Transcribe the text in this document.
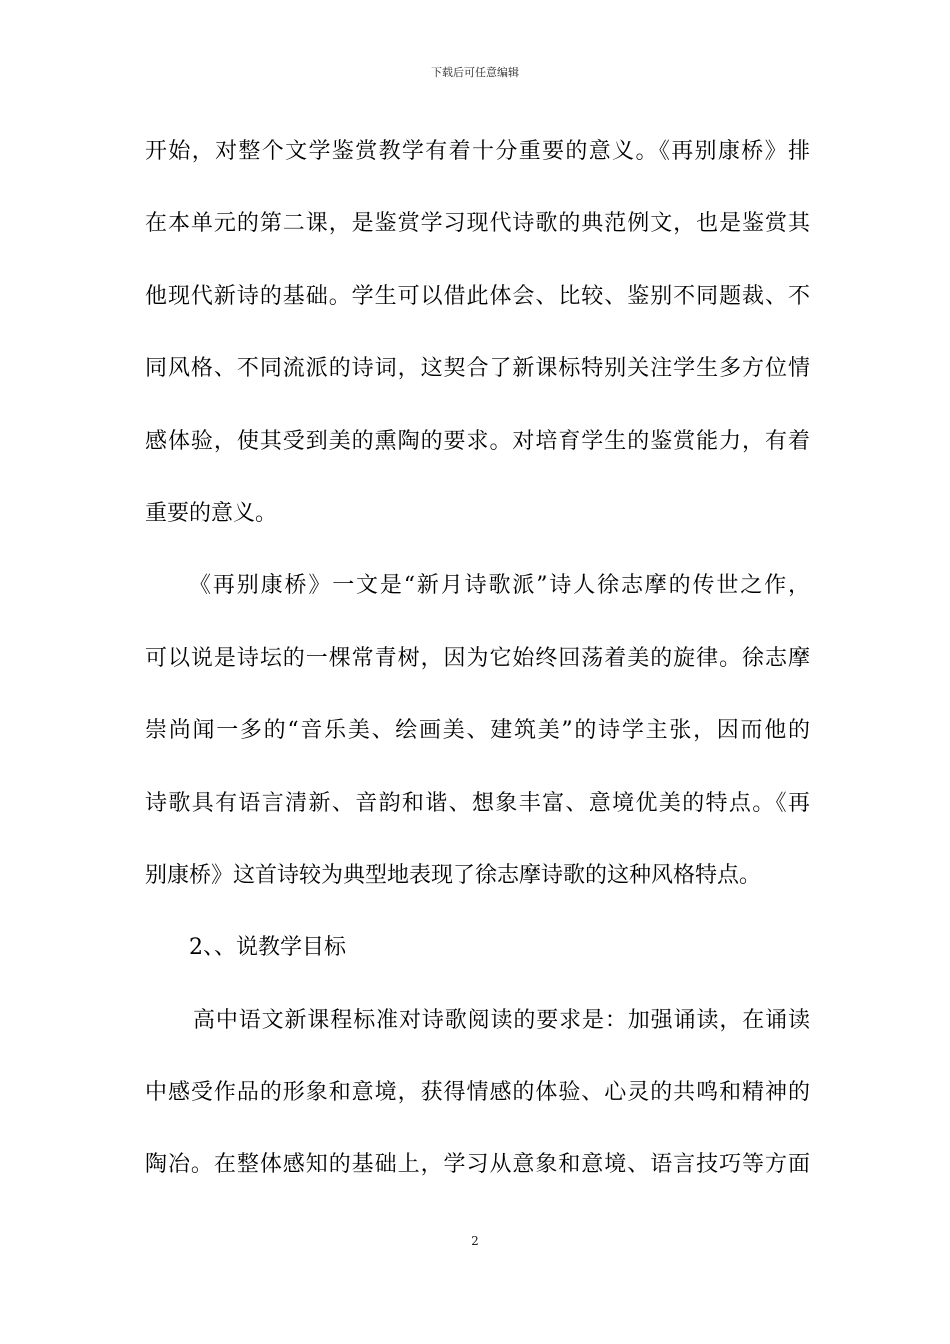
下载后可任意编辑
开始，对整个文学鉴赏教学有着十分重要的意义。《再别康桥》排
在本单元的第二课，是鉴赏学习现代诗歌的典范例文，也是鉴赏其
他现代新诗的基础。学生可以借此体会、比较、鉴别不同题裁、不
同风格、不同流派的诗词，这契合了新课标特别关注学生多方位情
感体验，使其受到美的熏陶的要求。对培育学生的鉴赏能力，有着
重要的意义。
《再别康桥》一文是“新月诗歌派”诗人徐志摩的传世之作，
可以说是诗坛的一棵常青树，因为它始终回荡着美的旋律。徐志摩
崇尚闻一多的“音乐美、绘画美、建筑美”的诗学主张，因而他的
诗歌具有语言清新、音韵和谐、想象丰富、意境优美的特点。《再
别康桥》这首诗较为典型地表现了徐志摩诗歌的这种风格特点。
2、、说教学目标
高中语文新课程标准对诗歌阅读的要求是：加强诵读，在诵读
中感受作品的形象和意境，获得情感的体验、心灵的共鸣和精神的
陶冶。在整体感知的基础上，学习从意象和意境、语言技巧等方面
2
